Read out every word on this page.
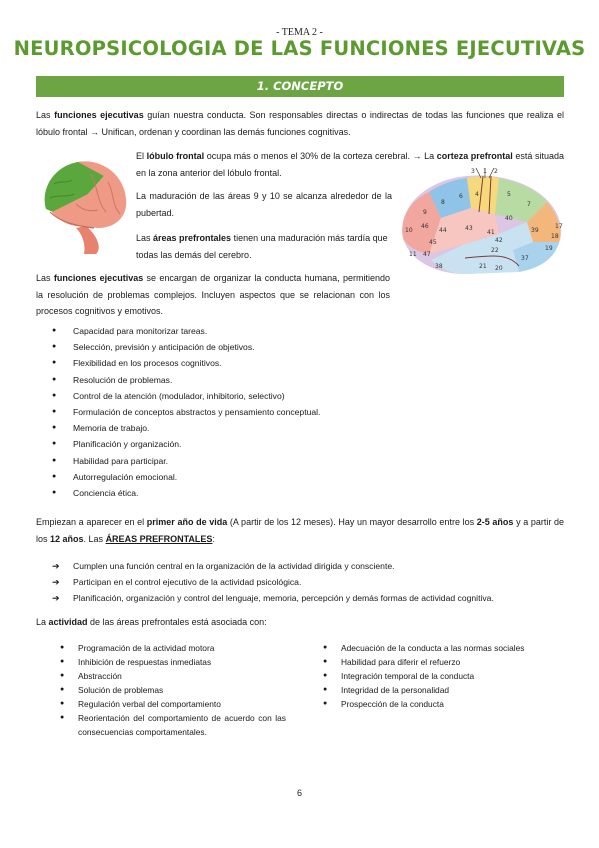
- TEMA 2 -
NEUROPSICOLOGIA DE LAS FUNCIONES EJECUTIVAS
1. CONCEPTO
Las funciones ejecutivas guían nuestra conducta. Son responsables directas o indirectas de todas las funciones que realiza el lóbulo frontal → Unifican, ordenan y coordinan las demás funciones cognitivas.
El lóbulo frontal ocupa más o menos el 30% de la corteza cerebral. → La corteza prefrontal está situada en la zona anterior del lóbulo frontal.
La maduración de las áreas 9 y 10 se alcanza alrededor de la pubertad.
Las áreas prefrontales tienen una maduración más tardía que todas las demás del cerebro.
3 1 2
4
6
8
9
10
11
44
45
46
47
38	21
22
37
39
40
19
18
17
43
41
42
5
7
20
Las funciones ejecutivas se encargan de organizar la conducta humana, permitiendo la resolución de problemas complejos. Incluyen aspectos que se relacionan con los procesos cognitivos y emotivos.
● Capacidad para monitorizar tareas.
● Selección, previsión y anticipación de objetivos.
● Flexibilidad en los procesos cognitivos.
● Resolución de problemas.
● Control de la atención (modulador, inhibitorio, selectivo)
● Formulación de conceptos abstractos y pensamiento conceptual.
● Memoria de trabajo.
● Planificación y organización.
● Habilidad para participar.
● Autorregulación emocional.
● Conciencia ética.
Empiezan a aparecer en el primer año de vida (A partir de los 12 meses). Hay un mayor desarrollo entre los 2-5 años y a partir de los 12 años. Las ÁREAS PREFRONTALES:
➔ Cumplen una función central en la organización de la actividad dirigida y consciente.
➔ Participan en el control ejecutivo de la actividad psicológica.
➔ Planificación, organización y control del lenguaje, memoria, percepción y demás formas de actividad cognitiva.
La actividad de las áreas prefrontales está asociada con:
● Programación de la actividad motora
● Inhibición de respuestas inmediatas
● Abstracción
● Solución de problemas
● Regulación verbal del comportamiento
● Reorientación del comportamiento de acuerdo con las consecuencias comportamentales.
● Adecuación de la conducta a las normas sociales
● Habilidad para diferir el refuerzo
● Integración temporal de la conducta
● Integridad de la personalidad
● Prospección de la conducta
6
